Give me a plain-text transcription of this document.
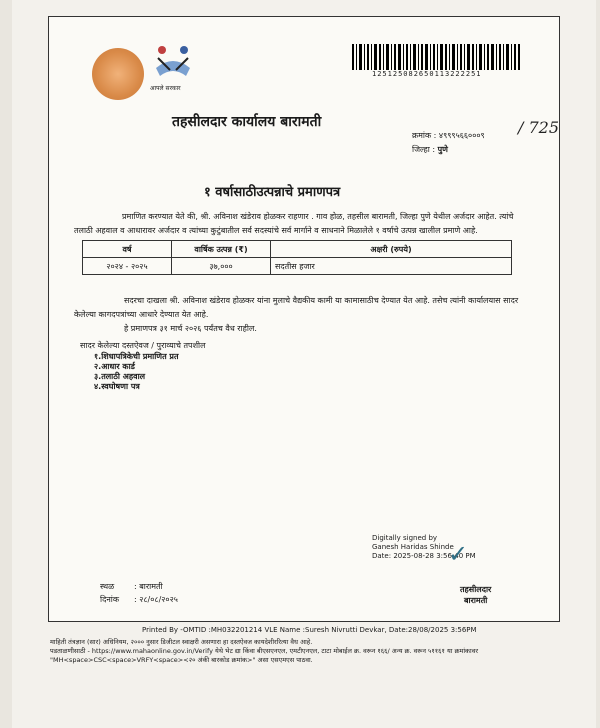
आपले सरकार
125125082650113222251
तहसीलदार कार्यालय बारामती
क्रमांक : ४९९९५६६०००९ / 725
जिल्हा : पुणे
१ वर्षासाठीउत्पन्नाचे प्रमाणपत्र
प्रमाणित करण्यात येते की, श्री. अविनाश खंडेराव होळकर राहणार . गाव होळ, तहसील बारामती, जिल्हा पुणे येथील अर्जदार आहेत. त्यांचे तलाठी अहवाल व आधारावर अर्जदार व त्यांच्या कुटुंबातील सर्व सदस्यांचे सर्व मार्गाने व साधनाने मिळालेले १ वर्षाचे उत्पन्न खालील प्रमाणे आहे.
वर्ष	वार्षिक उत्पन्न (₹)	अक्षरी (रुपये)
२०२४ - २०२५	३७,०००	सदतीस हजार
सदरचा दाखला श्री. अविनाश खंडेराव होळकर यांना मुलाचे वैद्यकीय कामी या कामासाठीच देण्यात येत आहे. तसेच त्यांनी कार्यालयास सादर केलेल्या कागदपत्रांच्या आधारे देण्यात येत आहे.
हे प्रमाणपत्र ३१ मार्च २०२६ पर्यंतच वैध राहील.
सादर केलेल्या दस्तऐवज / पुराव्याचे तपशील
१.शिधापत्रिकेची प्रमाणित प्रत
२.आधार कार्ड
३.तलाठी अहवाल
४.स्वघोषणा पत्र
Digitally signed by
Ganesh Haridas Shinde
Date: 2025-08-28 3:56:40 PM
✓
स्थळ : बारामती
दिनांक : २८/०८/२०२५
तहसीलदार
बारामती
Printed By -OMTID :MH032201214 VLE Name :Suresh Nivrutti Devkar, Date:28/08/2025 3:56PM
माहिती तंत्रज्ञान (सार) अधिनियम, २००० नुसार डिजीटल स्वाक्षरी असणारा हा दस्तऐवज कायदेशीररित्या वैध आहे.
पडताळणीसाठी - https://www.mahaonline.gov.in/Verify येथे भेट द्या किंवा बीएसएनएल, एमटीएनएल, टाटा मोबाईल क्र. वरून १६६/ अन्य क्र. वरून ५११६१ या क्रमांकावर
"MH<space>CSC<space>VRFY<space><२० अंकी बारकोड क्रमांक>" असा एसएमएस पाठवा.
